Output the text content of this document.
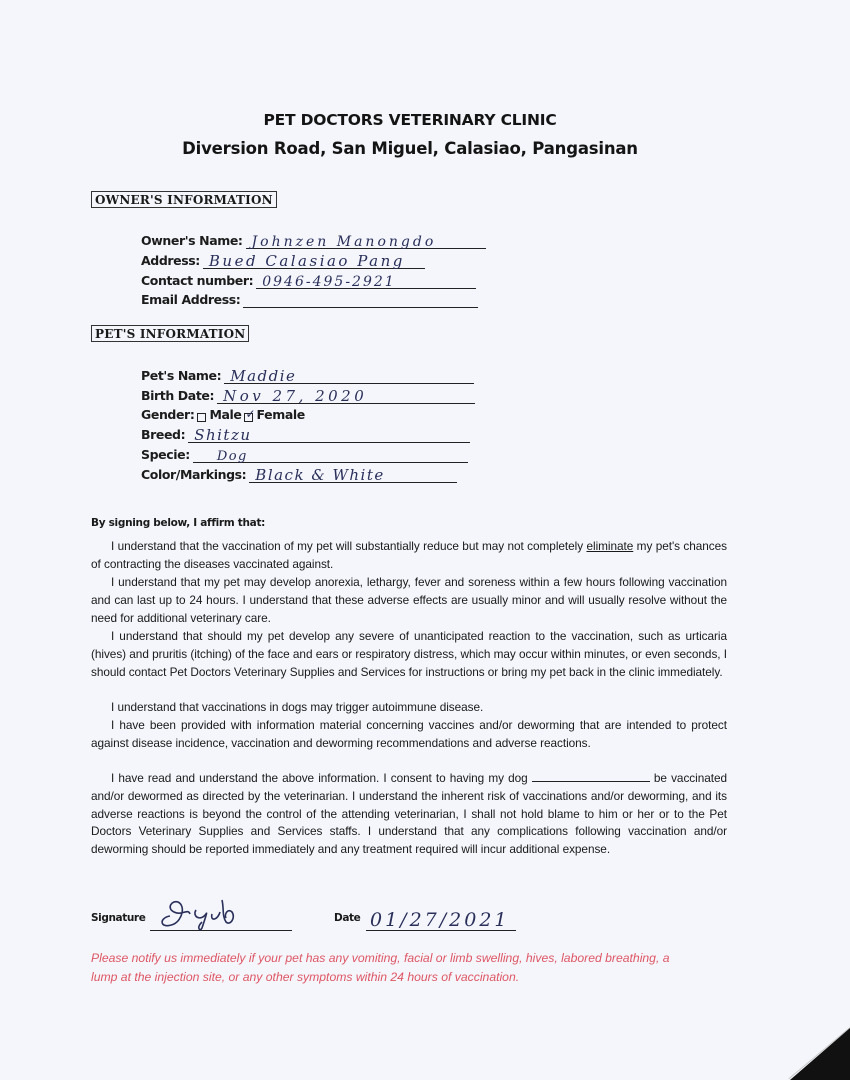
PET DOCTORS VETERINARY CLINIC
Diversion Road, San Miguel, Calasiao, Pangasinan
OWNER'S INFORMATION
Owner's Name: Johnzen Manongdo
Address: Bued Calasiao Pang
Contact number: 0946-495-2921
Email Address:
PET'S INFORMATION
Pet's Name: Maddie
Birth Date: Nov 27, 2020
Gender: Male ✓ Female
Breed: Shitzu
Specie: Dog
Color/Markings: Black & White
By signing below, I affirm that:

I understand that the vaccination of my pet will substantially reduce but may not completely eliminate my pet's chances of contracting the diseases vaccinated against.

I understand that my pet may develop anorexia, lethargy, fever and soreness within a few hours following vaccination and can last up to 24 hours. I understand that these adverse effects are usually minor and will usually resolve without the need for additional veterinary care.

I understand that should my pet develop any severe of unanticipated reaction to the vaccination, such as urticaria (hives) and pruritis (itching) of the face and ears or respiratory distress, which may occur within minutes, or even seconds, I should contact Pet Doctors Veterinary Supplies and Services for instructions or bring my pet back in the clinic immediately.

I understand that vaccinations in dogs may trigger autoimmune disease.

I have been provided with information material concerning vaccines and/or deworming that are intended to protect against disease incidence, vaccination and deworming recommendations and adverse reactions.

I have read and understand the above information. I consent to having my dog	be vaccinated and/or dewormed as directed by the veterinarian. I understand the inherent risk of vaccinations and/or deworming, and its adverse reactions is beyond the control of the attending veterinarian, I shall not hold blame to him or her or to the Pet Doctors Veterinary Supplies and Services staffs. I understand that any complications following vaccination and/or deworming should be reported immediately and any treatment required will incur additional expense.

Signature	Date 01/27/2021

Please notify us immediately if your pet has any vomiting, facial or limb swelling, hives, labored breathing, a lump at the injection site, or any other symptoms within 24 hours of vaccination.
